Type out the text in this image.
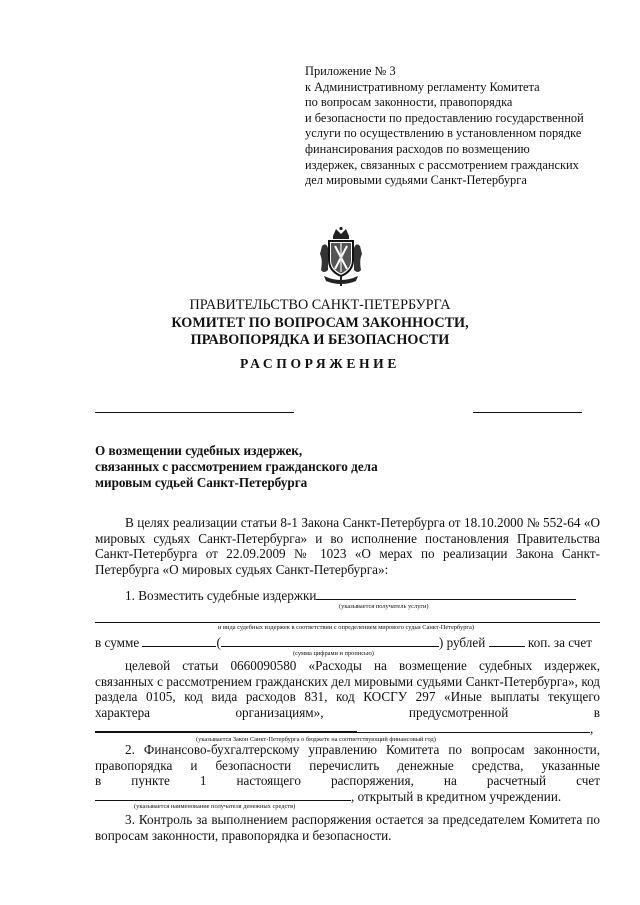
Приложение № 3
к Административному регламенту Комитета
по вопросам законности, правопорядка
и безопасности по предоставлению государственной
услуги по осуществлению в установленном порядке
финансирования расходов по возмещению
издержек, связанных с рассмотрением гражданских
дел мировыми судьями Санкт-Петербурга
ПРАВИТЕЛЬСТВО САНКТ-ПЕТЕРБУРГА
КОМИТЕТ ПО ВОПРОСАМ ЗАКОННОСТИ,
ПРАВОПОРЯДКА И БЕЗОПАСНОСТИ
РАСПОРЯЖЕНИЕ
О возмещении судебных издержек,
связанных с рассмотрением гражданского дела
мировым судьей Санкт-Петербурга
В целях реализации статьи 8-1 Закона Санкт-Петербурга от 18.10.2000 № 552-64 «О мировых судьях Санкт-Петербурга» и во исполнение постановления Правительства Санкт-Петербурга от 22.09.2009 № 1023 «О мерах по реализации Закона Санкт-Петербурга «О мировых судьях Санкт-Петербурга»:
1. Возместить судебные издержки
(указывается получатель услуги)
и вида судебных издержек в соответствии с определением мирового судьи Санкт-Петербурга)
в сумме	(	) рублей	коп. за счет
(сумма цифрами и прописью)
целевой статьи 0660090580 «Расходы на возмещение судебных издержек, связанных с рассмотрением гражданских дел мировыми судьями Санкт-Петербурга», код раздела 0105, код вида расходов 831, код КОСГУ 297 «Иные выплаты текущего характера организациям», предусмотренной в
,
(указывается Закон Санкт-Петербурга о бюджете на соответствующий финансовый год)
2. Финансово-бухгалтерскому управлению Комитета по вопросам законности, правопорядка и безопасности перечислить денежные средства, указанные
в пункте 1 настоящего распоряжения, на расчетный счет
, открытый в кредитном учреждении.
(указывается наименование получателя денежных средств)
3. Контроль за выполнением распоряжения остается за председателем Комитета по вопросам законности, правопорядка и безопасности.
